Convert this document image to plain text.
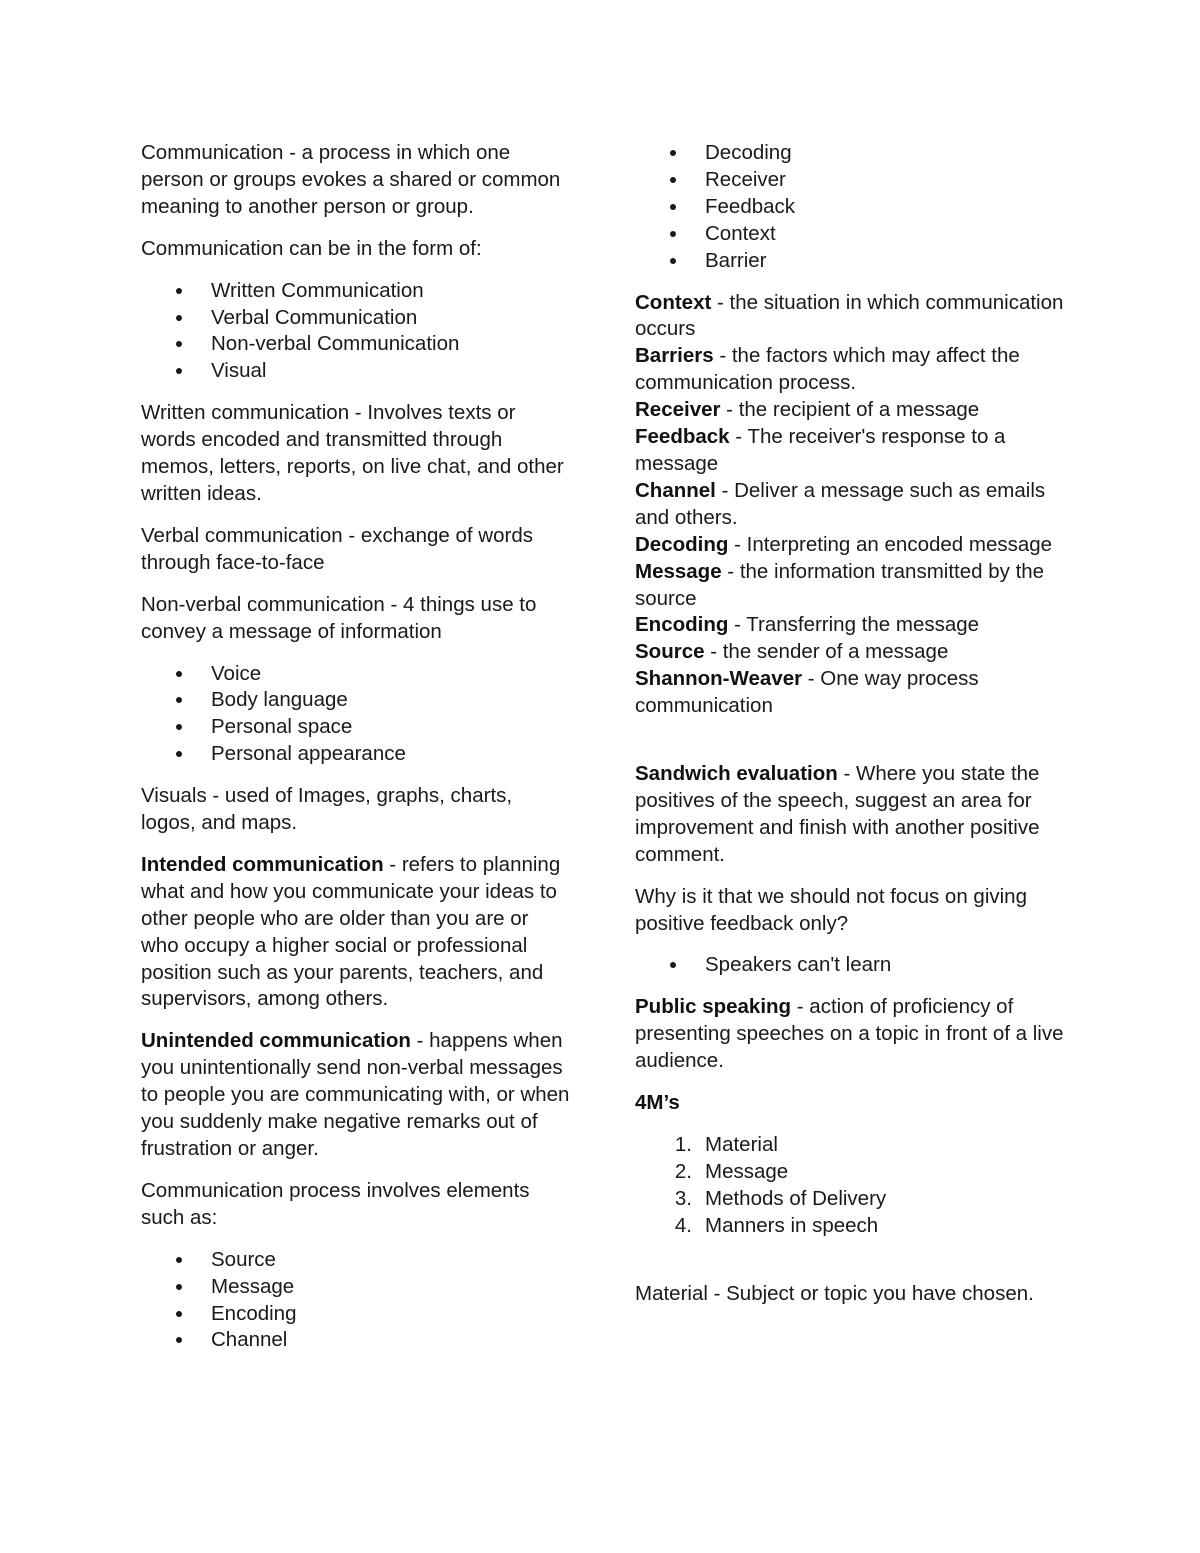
Communication - a process in which one person or groups evokes a shared or common meaning to another person or group.

Communication can be in the form of:

Written Communication
Verbal Communication
Non-verbal Communication
Visual

Written communication - Involves texts or words encoded and transmitted through memos, letters, reports, on live chat, and other written ideas.

Verbal communication - exchange of words through face-to-face

Non-verbal communication - 4 things use to convey a message of information

Voice
Body language
Personal space
Personal appearance

Visuals - used of Images, graphs, charts, logos, and maps.

Intended communication - refers to planning what and how you communicate your ideas to other people who are older than you are or who occupy a higher social or professional position such as your parents, teachers, and supervisors, among others.

Unintended communication - happens when you unintentionally send non-verbal messages to people you are communicating with, or when you suddenly make negative remarks out of frustration or anger.

Communication process involves elements such as:

Source
Message
Encoding
Channel
Decoding
Receiver
Feedback
Context
Barrier
Context - the situation in which communication occurs
Barriers - the factors which may affect the communication process.
Receiver - the recipient of a message
Feedback - The receiver's response to a message
Channel - Deliver a message such as emails and others.
Decoding - Interpreting an encoded message
Message - the information transmitted by the source
Encoding - Transferring the message
Source - the sender of a message
Shannon-Weaver - One way process communication

Sandwich evaluation - Where you state the positives of the speech, suggest an area for improvement and finish with another positive comment.

Why is it that we should not focus on giving positive feedback only?

Speakers can't learn

Public speaking - action of proficiency of presenting speeches on a topic in front of a live audience.

4M’s

1. Material
2. Message
3. Methods of Delivery
4. Manners in speech

Material - Subject or topic you have chosen.
